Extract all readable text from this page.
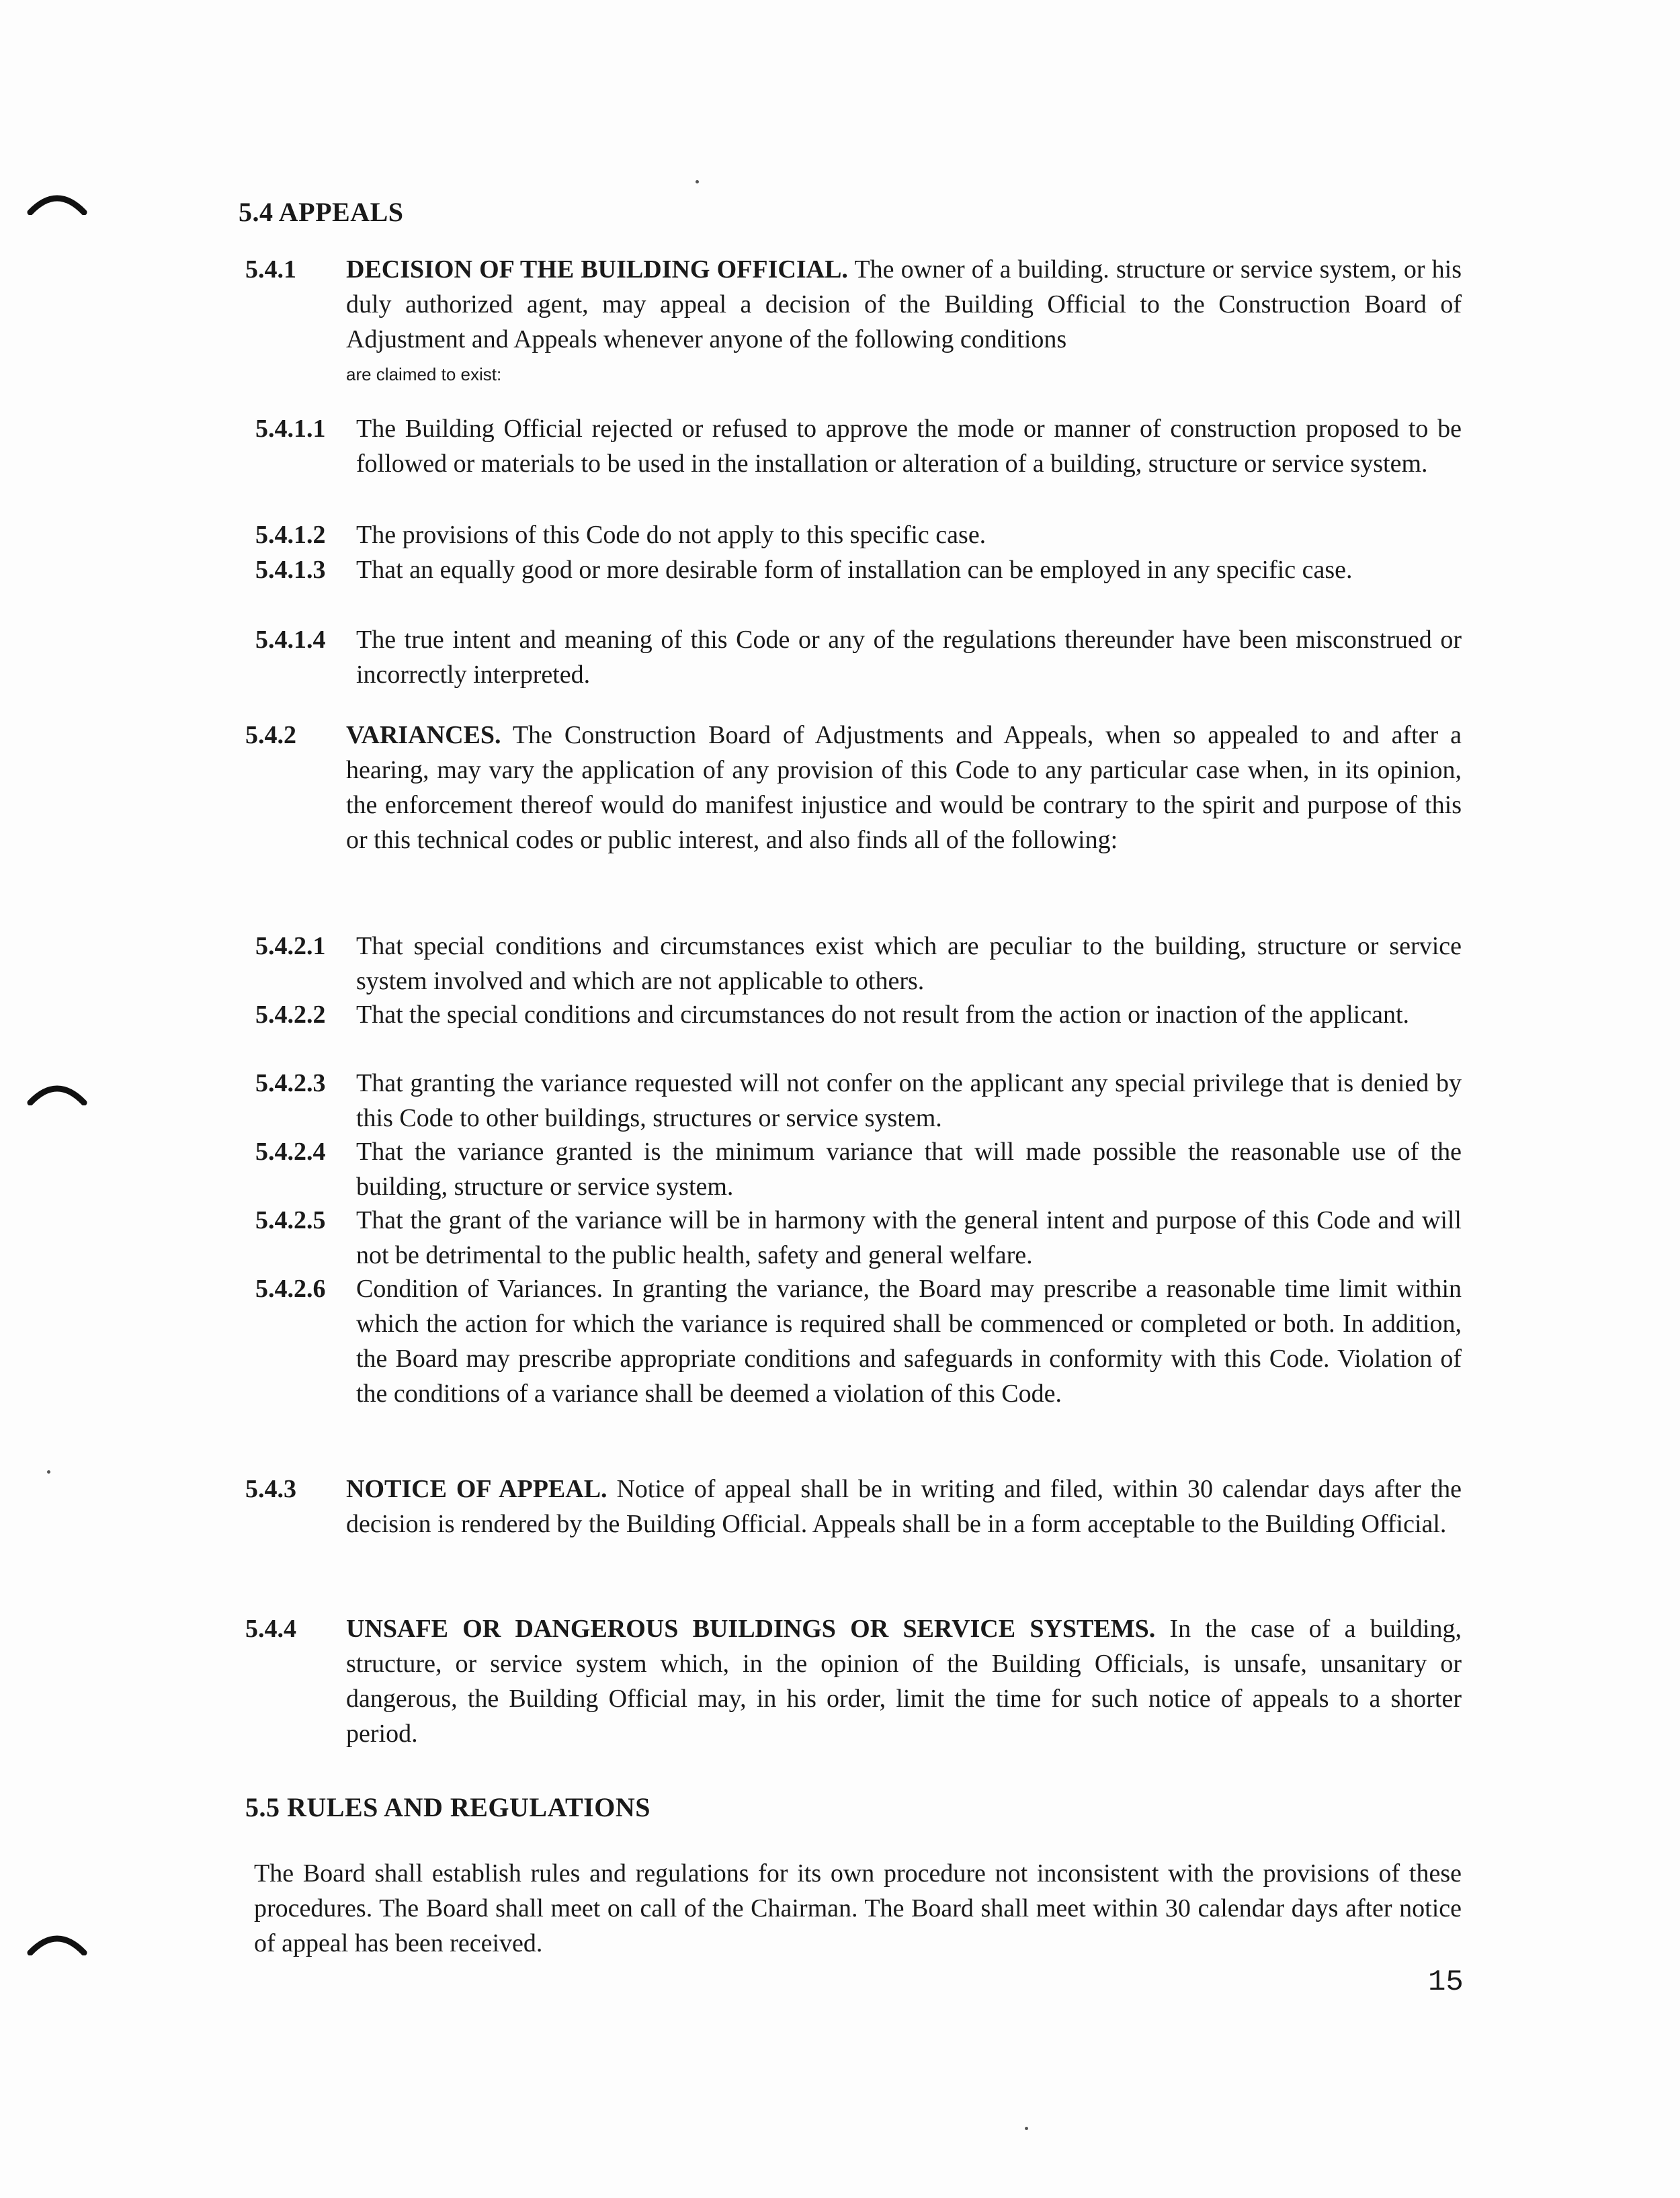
5.4 APPEALS
5.4.1 DECISION OF THE BUILDING OFFICIAL. The owner of a building. structure or service system, or his duly authorized agent, may appeal a decision of the Building Official to the Construction Board of Adjustment and Appeals whenever anyone of the following conditions
are claimed to exist:
5.4.1.1 The Building Official rejected or refused to approve the mode or manner of construction proposed to be followed or materials to be used in the installation or alteration of a building, structure or service system.
5.4.1.2 The provisions of this Code do not apply to this specific case.
5.4.1.3 That an equally good or more desirable form of installation can be employed in any specific case.
5.4.1.4 The true intent and meaning of this Code or any of the regulations thereunder have been misconstrued or incorrectly interpreted.
5.4.2 VARIANCES. The Construction Board of Adjustments and Appeals, when so appealed to and after a hearing, may vary the application of any provision of this Code to any particular case when, in its opinion, the enforcement thereof would do manifest injustice and would be contrary to the spirit and purpose of this or this technical codes or public interest, and also finds all of the following:
5.4.2.1 That special conditions and circumstances exist which are peculiar to the building, structure or service system involved and which are not applicable to others.
5.4.2.2 That the special conditions and circumstances do not result from the action or inaction of the applicant.
5.4.2.3 That granting the variance requested will not confer on the applicant any special privilege that is denied by this Code to other buildings, structures or service system.
5.4.2.4 That the variance granted is the minimum variance that will made possible the reasonable use of the building, structure or service system.
5.4.2.5 That the grant of the variance will be in harmony with the general intent and purpose of this Code and will not be detrimental to the public health, safety and general welfare.
5.4.2.6 Condition of Variances. In granting the variance, the Board may prescribe a reasonable time limit within which the action for which the variance is required shall be commenced or completed or both. In addition, the Board may prescribe appropriate conditions and safeguards in conformity with this Code. Violation of the conditions of a variance shall be deemed a violation of this Code.
5.4.3 NOTICE OF APPEAL. Notice of appeal shall be in writing and filed, within 30 calendar days after the decision is rendered by the Building Official. Appeals shall be in a form acceptable to the Building Official.
5.4.4 UNSAFE OR DANGEROUS BUILDINGS OR SERVICE SYSTEMS. In the case of a building, structure, or service system which, in the opinion of the Building Officials, is unsafe, unsanitary or dangerous, the Building Official may, in his order, limit the time for such notice of appeals to a shorter period.
5.5 RULES AND REGULATIONS
The Board shall establish rules and regulations for its own procedure not inconsistent with the provisions of these procedures. The Board shall meet on call of the Chairman. The Board shall meet within 30 calendar days after notice of appeal has been received.
15
